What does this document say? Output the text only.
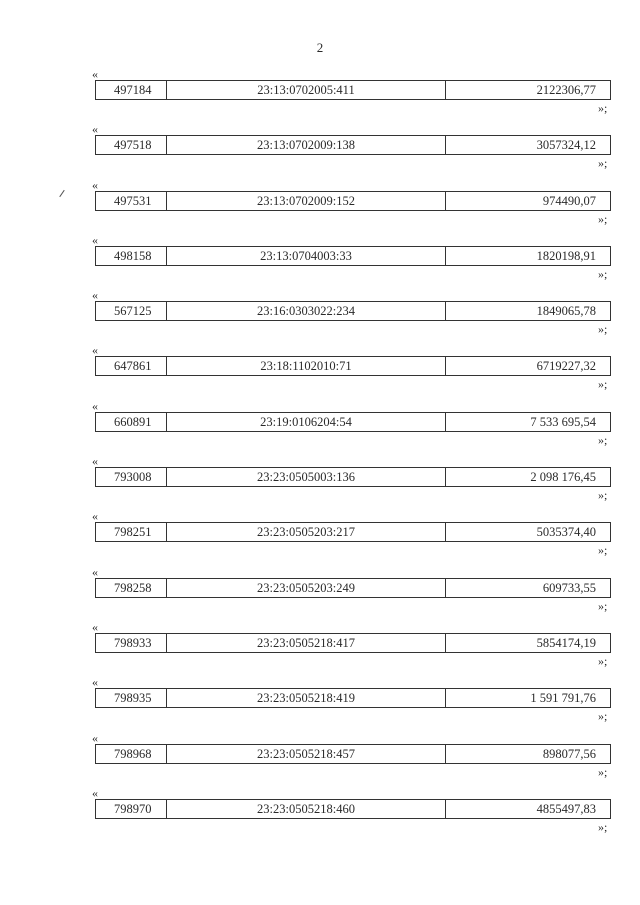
2
«
497184	23:13:0702005:411	2122306,77
»;
«
497518	23:13:0702009:138	3057324,12
»;
«
497531	23:13:0702009:152	974490,07
»;
«
498158	23:13:0704003:33	1820198,91
»;
«
567125	23:16:0303022:234	1849065,78
»;
«
647861	23:18:1102010:71	6719227,32
»;
«
660891	23:19:0106204:54	7 533 695,54
»;
«
793008	23:23:0505003:136	2 098 176,45
»;
«
798251	23:23:0505203:217	5035374,40
»;
«
798258	23:23:0505203:249	609733,55
»;
«
798933	23:23:0505218:417	5854174,19
»;
«
798935	23:23:0505218:419	1 591 791,76
»;
«
798968	23:23:0505218:457	898077,56
»;
«
798970	23:23:0505218:460	4855497,83
»;
